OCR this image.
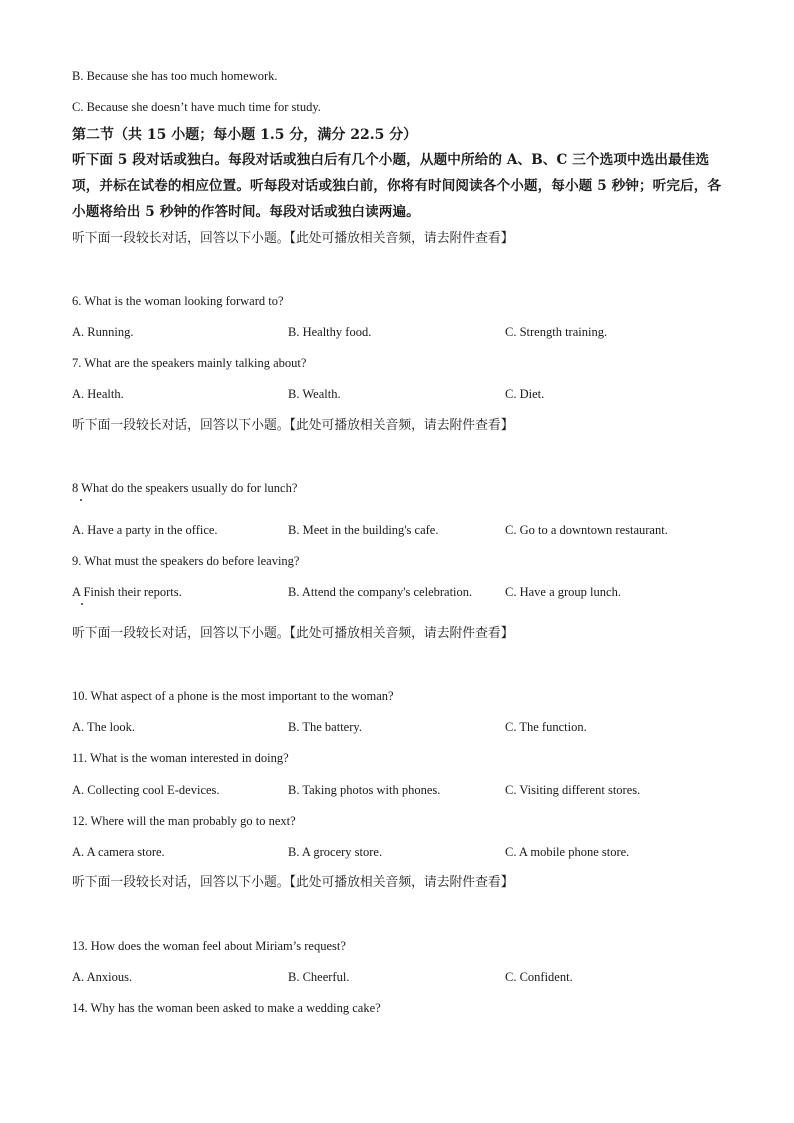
B. Because she has too much homework.
C. Because she doesn’t have much time for study.
第二节（共 15 小题；每小题 1.5 分，满分 22.5 分）
听下面 5 段对话或独白。每段对话或独白后有几个小题，从题中所给的 A、B、C 三个选项中选出最佳选项，并标在试卷的相应位置。听每段对话或独白前，你将有时间阅读各个小题，每小题 5 秒钟；听完后，各小题将给出 5 秒钟的作答时间。每段对话或独白读两遍。
听下面一段较长对话，回答以下小题。【此处可播放相关音频，请去附件查看】
6. What is the woman looking forward to?
A. Running.	B. Healthy food.	C. Strength training.
7. What are the speakers mainly talking about?
A. Health.	B. Wealth.	C. Diet.
听下面一段较长对话，回答以下小题。【此处可播放相关音频，请去附件查看】
8 What do the speakers usually do for lunch?
A. Have a party in the office.	B. Meet in the building's cafe.	C. Go to a downtown restaurant.
9. What must the speakers do before leaving?
A Finish their reports.	B. Attend the company's celebration.	C. Have a group lunch.
听下面一段较长对话，回答以下小题。【此处可播放相关音频，请去附件查看】
10. What aspect of a phone is the most important to the woman?
A. The look.	B. The battery.	C. The function.
11. What is the woman interested in doing?
A. Collecting cool E-devices.	B. Taking photos with phones.	C. Visiting different stores.
12. Where will the man probably go to next?
A. A camera store.	B. A grocery store.	C. A mobile phone store.
听下面一段较长对话，回答以下小题。【此处可播放相关音频，请去附件查看】
13. How does the woman feel about Miriam’s request?
A. Anxious.	B. Cheerful.	C. Confident.
14. Why has the woman been asked to make a wedding cake?
